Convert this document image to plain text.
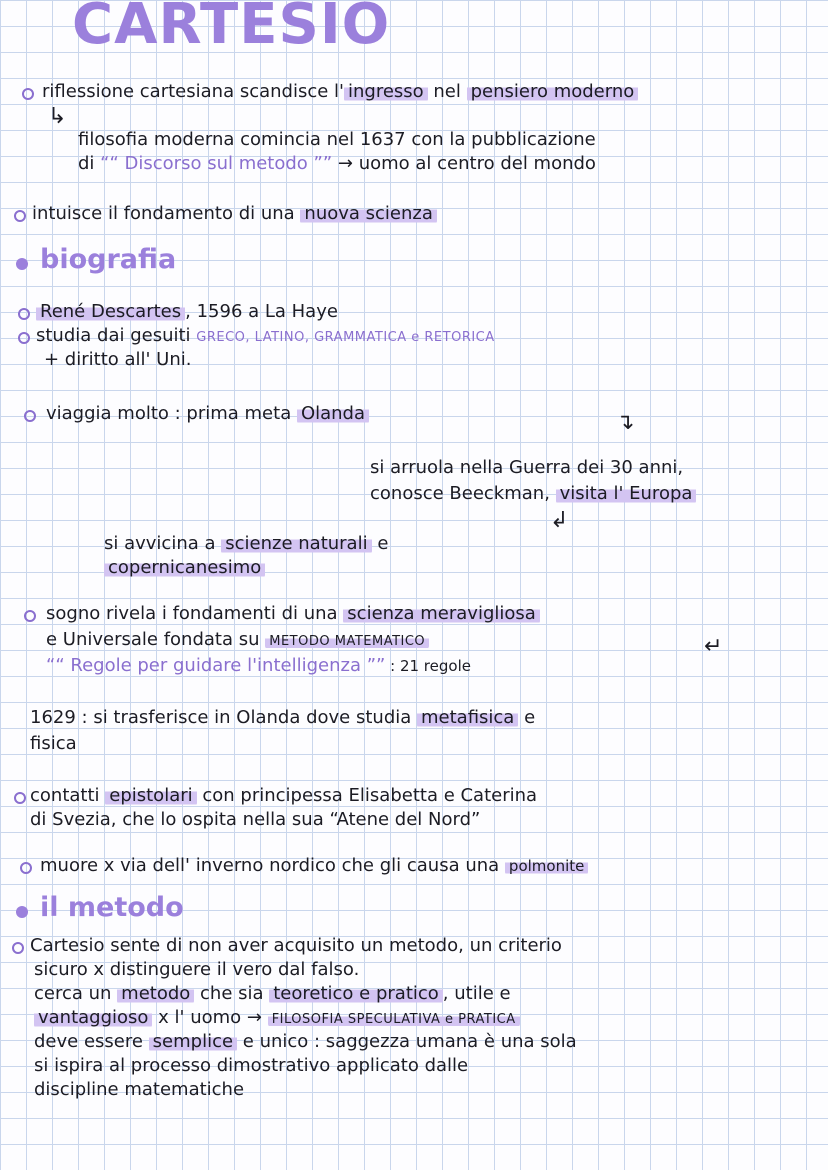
CARTESIO
riflessione cartesiana scandisce l' ingresso nel pensiero moderno
↳
filosofia moderna comincia nel 1637 con la pubblicazione
di ““ Discorso sul metodo ”” → uomo al centro del mondo
intuisce il fondamento di una nuova scienza
biografia
René Descartes , 1596 a La Haye
studia dai gesuiti GRECO, LATINO, GRAMMATICA e RETORICA
+ diritto all' Uni.
viaggia molto : prima meta Olanda	↴
si arruola nella Guerra dei 30 anni,
conosce Beeckman, visita l' Europa
↲
si avvicina a scienze naturali e
copernicanesimo
sogno rivela i fondamenti di una scienza meravigliosa
e Universale fondata su METODO MATEMATICO	↵
““ Regole per guidare l'intelligenza ”” : 21 regole
1629 : si trasferisce in Olanda dove studia metafisica e
fisica
contatti epistolari con principessa Elisabetta e Caterina
di Svezia, che lo ospita nella sua “Atene del Nord”
muore x via dell' inverno nordico che gli causa una polmonite
il metodo
Cartesio sente di non aver acquisito un metodo, un criterio
sicuro x distinguere il vero dal falso.
cerca un metodo che sia teoretico e pratico , utile e
vantaggioso x l' uomo → FILOSOFIA SPECULATIVA e PRATICA
deve essere semplice e unico : saggezza umana è una sola
si ispira al processo dimostrativo applicato dalle
discipline matematiche
